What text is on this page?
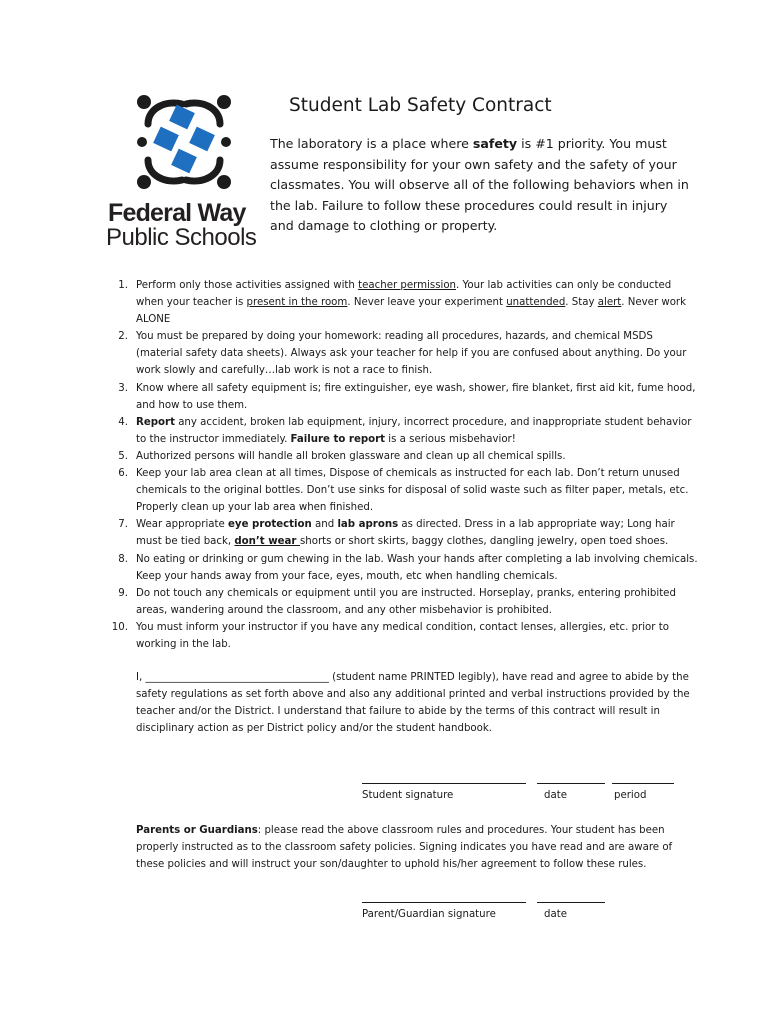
Federal Way
Public Schools
Student Lab Safety Contract
The laboratory is a place where safety is #1 priority. You must assume responsibility for your own safety and the safety of your classmates. You will observe all of the following behaviors when in the lab. Failure to follow these procedures could result in injury and damage to clothing or property.
1. Perform only those activities assigned with teacher permission. Your lab activities can only be conducted when your teacher is present in the room. Never leave your experiment unattended. Stay alert. Never work ALONE
2. You must be prepared by doing your homework: reading all procedures, hazards, and chemical MSDS (material safety data sheets). Always ask your teacher for help if you are confused about anything. Do your work slowly and carefully…lab work is not a race to finish.
3. Know where all safety equipment is; fire extinguisher, eye wash, shower, fire blanket, first aid kit, fume hood, and how to use them.
4. Report any accident, broken lab equipment, injury, incorrect procedure, and inappropriate student behavior to the instructor immediately. Failure to report is a serious misbehavior!
5. Authorized persons will handle all broken glassware and clean up all chemical spills.
6. Keep your lab area clean at all times, Dispose of chemicals as instructed for each lab. Don’t return unused chemicals to the original bottles. Don’t use sinks for disposal of solid waste such as filter paper, metals, etc. Properly clean up your lab area when finished.
7. Wear appropriate eye protection and lab aprons as directed. Dress in a lab appropriate way; Long hair must be tied back, don’t wear shorts or short skirts, baggy clothes, dangling jewelry, open toed shoes.
8. No eating or drinking or gum chewing in the lab. Wash your hands after completing a lab involving chemicals. Keep your hands away from your face, eyes, mouth, etc when handling chemicals.
9. Do not touch any chemicals or equipment until you are instructed. Horseplay, pranks, entering prohibited areas, wandering around the classroom, and any other misbehavior is prohibited.
10. You must inform your instructor if you have any medical condition, contact lenses, allergies, etc. prior to working in the lab.
I, ____________________________________ (student name PRINTED legibly), have read and agree to abide by the safety regulations as set forth above and also any additional printed and verbal instructions provided by the teacher and/or the District. I understand that failure to abide by the terms of this contract will result in disciplinary action as per District policy and/or the student handbook.
Student signature	date	period
Parents or Guardians: please read the above classroom rules and procedures. Your student has been properly instructed as to the classroom safety policies. Signing indicates you have read and are aware of these policies and will instruct your son/daughter to uphold his/her agreement to follow these rules.
Parent/Guardian signature	date
